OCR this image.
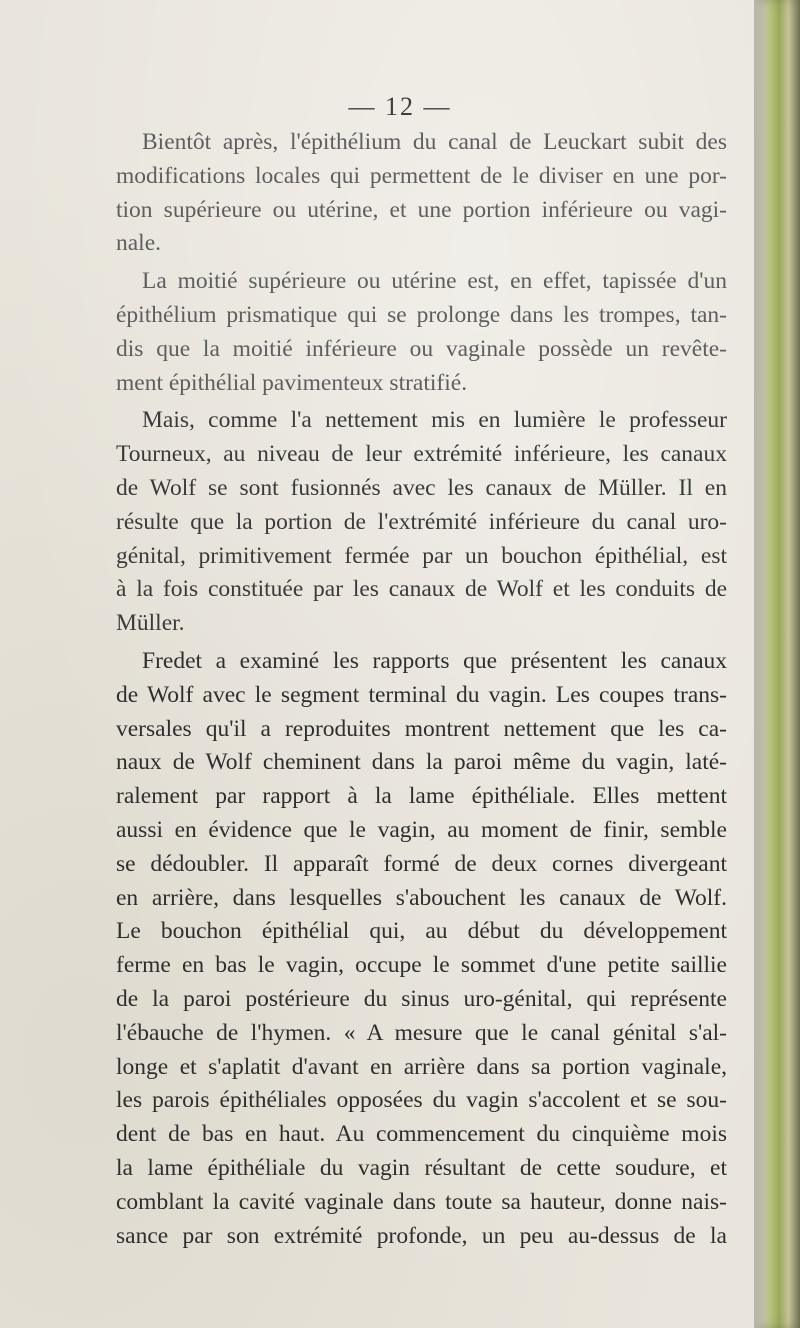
— 12 —
Bientôt après, l'épithélium du canal de Leuckart subit des
modifications locales qui permettent de le diviser en une por-
tion supérieure ou utérine, et une portion inférieure ou vagi-
nale.
La moitié supérieure ou utérine est, en effet, tapissée d'un
épithélium prismatique qui se prolonge dans les trompes, tan-
dis que la moitié inférieure ou vaginale possède un revête-
ment épithélial pavimenteux stratifié.
Mais, comme l'a nettement mis en lumière le professeur
Tourneux, au niveau de leur extrémité inférieure, les canaux
de Wolf se sont fusionnés avec les canaux de Müller. Il en
résulte que la portion de l'extrémité inférieure du canal uro-
génital, primitivement fermée par un bouchon épithélial, est
à la fois constituée par les canaux de Wolf et les conduits de
Müller.
Fredet a examiné les rapports que présentent les canaux
de Wolf avec le segment terminal du vagin. Les coupes trans-
versales qu'il a reproduites montrent nettement que les ca-
naux de Wolf cheminent dans la paroi même du vagin, laté-
ralement par rapport à la lame épithéliale. Elles mettent
aussi en évidence que le vagin, au moment de finir, semble
se dédoubler. Il apparaît formé de deux cornes divergeant
en arrière, dans lesquelles s'abouchent les canaux de Wolf.
Le bouchon épithélial qui, au début du développement
ferme en bas le vagin, occupe le sommet d'une petite saillie
de la paroi postérieure du sinus uro-génital, qui représente
l'ébauche de l'hymen. « A mesure que le canal génital s'al-
longe et s'aplatit d'avant en arrière dans sa portion vaginale,
les parois épithéliales opposées du vagin s'accolent et se sou-
dent de bas en haut. Au commencement du cinquième mois
la lame épithéliale du vagin résultant de cette soudure, et
comblant la cavité vaginale dans toute sa hauteur, donne nais-
sance par son extrémité profonde, un peu au-dessus de la
